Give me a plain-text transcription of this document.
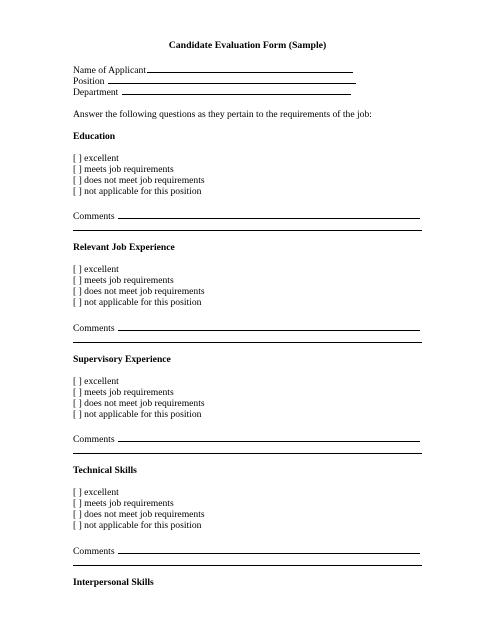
Candidate Evaluation Form (Sample)
Name of Applicant
Position
Department
Answer the following questions as they pertain to the requirements of the job:
Education
[ ] excellent
[ ] meets job requirements
[ ] does not meet job requirements
[ ] not applicable for this position
Comments
Relevant Job Experience
[ ] excellent
[ ] meets job requirements
[ ] does not meet job requirements
[ ] not applicable for this position
Comments
Supervisory Experience
[ ] excellent
[ ] meets job requirements
[ ] does not meet job requirements
[ ] not applicable for this position
Comments
Technical Skills
[ ] excellent
[ ] meets job requirements
[ ] does not meet job requirements
[ ] not applicable for this position
Comments
Interpersonal Skills
